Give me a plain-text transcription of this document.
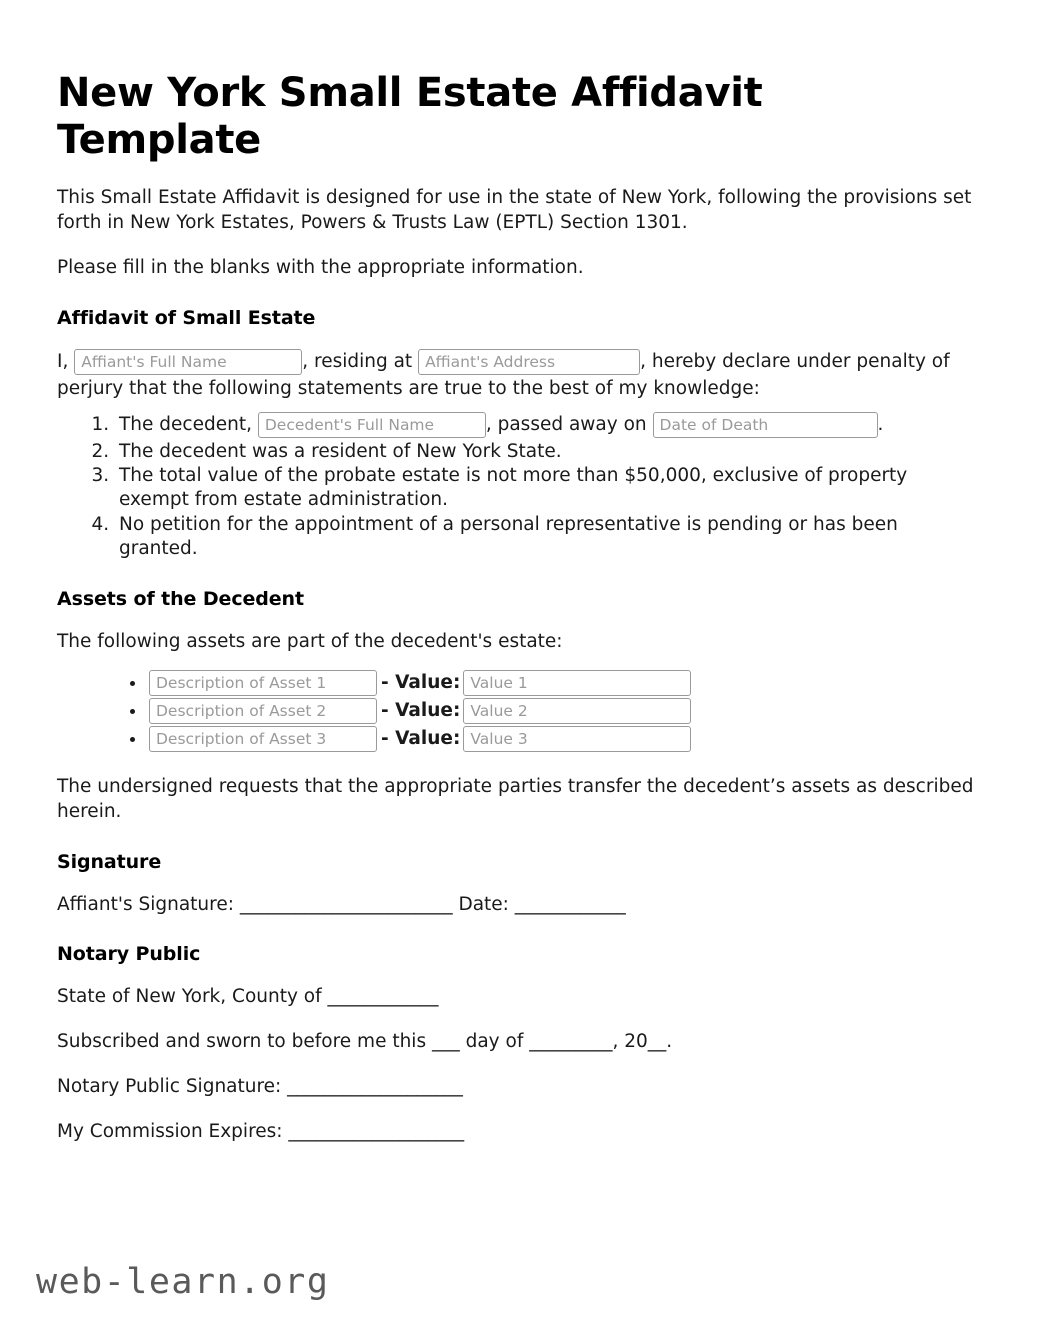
New York Small Estate Affidavit Template

This Small Estate Affidavit is designed for use in the state of New York, following the provisions set forth in New York Estates, Powers & Trusts Law (EPTL) Section 1301.

Please fill in the blanks with the appropriate information.

Affidavit of Small Estate

I, Affiant's Full Name	, residing at Affiant's Address	, hereby declare under penalty of perjury that the following statements are true to the best of my knowledge:

1. The decedent, Decedent's Full Name	, passed away on Date of Death	.
2. The decedent was a resident of New York State.
3. The total value of the probate estate is not more than $50,000, exclusive of property exempt from estate administration.
4. No petition for the appointment of a personal representative is pending or has been granted.
Assets of the Decedent

The following assets are part of the decedent's estate:

Description of Asset 1 • - Value:Value 1
Description of Asset 2 • - Value:Value 2
Description of Asset 3 • - Value:Value 3

The undersigned requests that the appropriate parties transfer the decedent’s assets as described herein.

Signature

Affiant's Signature: _______________________ Date: ____________

Notary Public

State of New York, County of ____________

Subscribed and sworn to before me this ___ day of _________, 20__.

Notary Public Signature: ___________________

My Commission Expires: ___________________

web-learn.org
